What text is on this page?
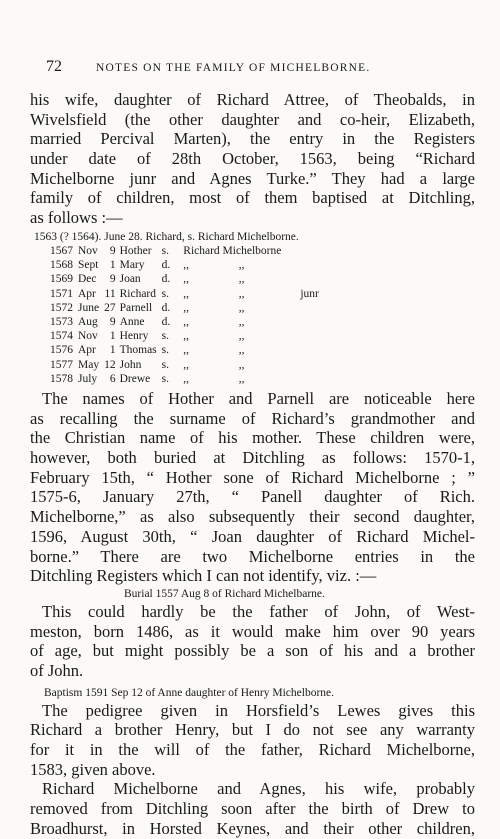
72	NOTES ON THE FAMILY OF MICHELBORNE.
his wife, daughter of Richard Attree, of Theobalds, in
Wivelsfield (the other daughter and co-heir, Elizabeth,
married Percival Marten), the entry in the Registers
under date of 28th October, 1563, being “Richard
Michelborne junr and Agnes Turke.” They had a large
family of children, most of them baptised at Ditchling,
as follows :—
1563 (? 1564). June 28. Richard, s. Richard Michelborne.
1567	Nov	9	Hother	s.	Richard Michelborne		
1568	Sept	1	Mary	d.	,,	,,	
1569	Dec	9	Joan	d.	,,	,,	
1571	Apr	11	Richard	s.	,,	,,	junr
1572	June	27	Parnell	d.	,,	,,	
1573	Aug	9	Anne	d.	,,	,,	
1574	Nov	1	Henry	s.	,,	,,	
1576	Apr	1	Thomas	s.	,,	,,	
1577	May	12	John	s.	,,	,,	
1578	July	6	Drewe	s.	,,	,,	
The names of Hother and Parnell are noticeable here
as recalling the surname of Richard’s grandmother and
the Christian name of his mother. These children were,
however, both buried at Ditchling as follows: 1570-1,
February 15th, “ Hother sone of Richard Michelborne ; ”
1575-6, January 27th, “ Panell daughter of Rich.
Michelborne,” as also subsequently their second daughter,
1596, August 30th, “ Joan daughter of Richard Michel-
borne.” There are two Michelborne entries in the
Ditchling Registers which I can not identify, viz. :—
Burial 1557 Aug 8 of Richard Michelbarne.
This could hardly be the father of John, of West-
meston, born 1486, as it would make him over 90 years
of age, but might possibly be a son of his and a brother
of John.
Baptism 1591 Sep 12 of Anne daughter of Henry Michelborne.
The pedigree given in Horsfield’s Lewes gives this
Richard a brother Henry, but I do not see any warranty
for it in the will of the father, Richard Michelborne,
1583, given above.
Richard Michelborne and Agnes, his wife, probably
removed from Ditchling soon after the birth of Drew to
Broadhurst, in Horsted Keynes, and their other children,
